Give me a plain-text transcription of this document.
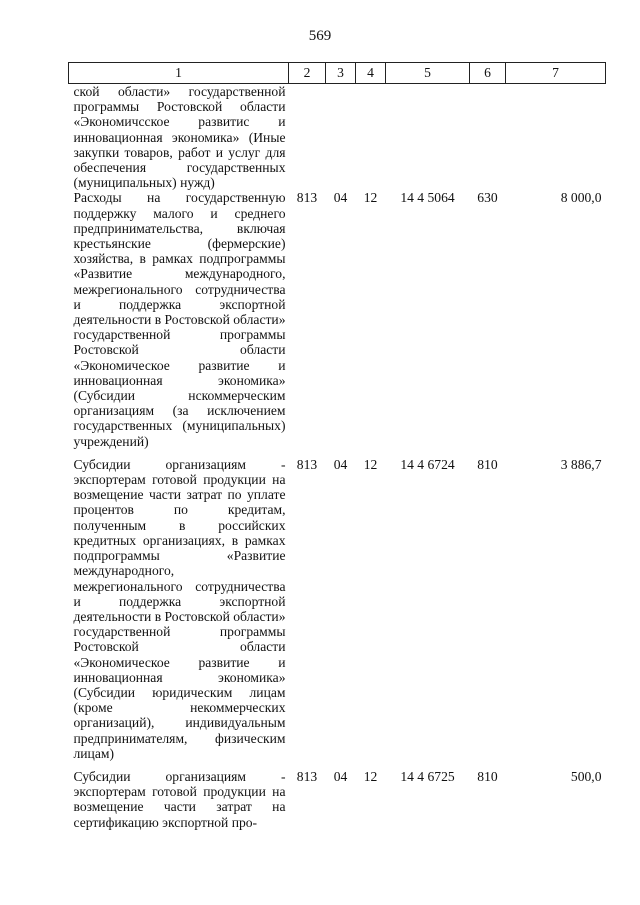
569
1	2	3	4	5	6	7
ской области» государственной программы Ростовской области «Экономичсское развитис и инновационная экономика» (Иные закупки товаров, работ и услуг для обеспечения государственных (муниципальных) нужд)						
Расходы на государственную поддержку малого и среднего предпринимательства, включая крестьянские (фермерские) хозяйства, в рамках подпрограммы «Развитие международного, межрегионального сотрудничества и поддержка экспортной деятельности в Ростовской области» государственной программы Ростовской области «Экономическое развитие и инновационная экономика» (Субсидии нскоммерческим организациям (за исключением государственных (муниципальных) учреждений)	813	04	12	14 4 5064	630	8 000,0
Субсидии организациям - экспортерам готовой продукции на возмещение части затрат по уплате процентов по кредитам, полученным в российских кредитных организациях, в рамках подпрограммы «Развитие международного, межрегионального сотрудничества и поддержка экспортной деятельности в Ростовской области» государственной программы Ростовской области «Экономическое развитие и инновационная экономика» (Субсидии юридическим лицам (кроме некоммерческих организаций), индивидуальным предпринимателям, физическим лицам)	813	04	12	14 4 6724	810	3 886,7
Субсидии организациям - экспортерам готовой продукции на возмещение части затрат на сертификацию экспортной про-	813	04	12	14 4 6725	810	500,0
